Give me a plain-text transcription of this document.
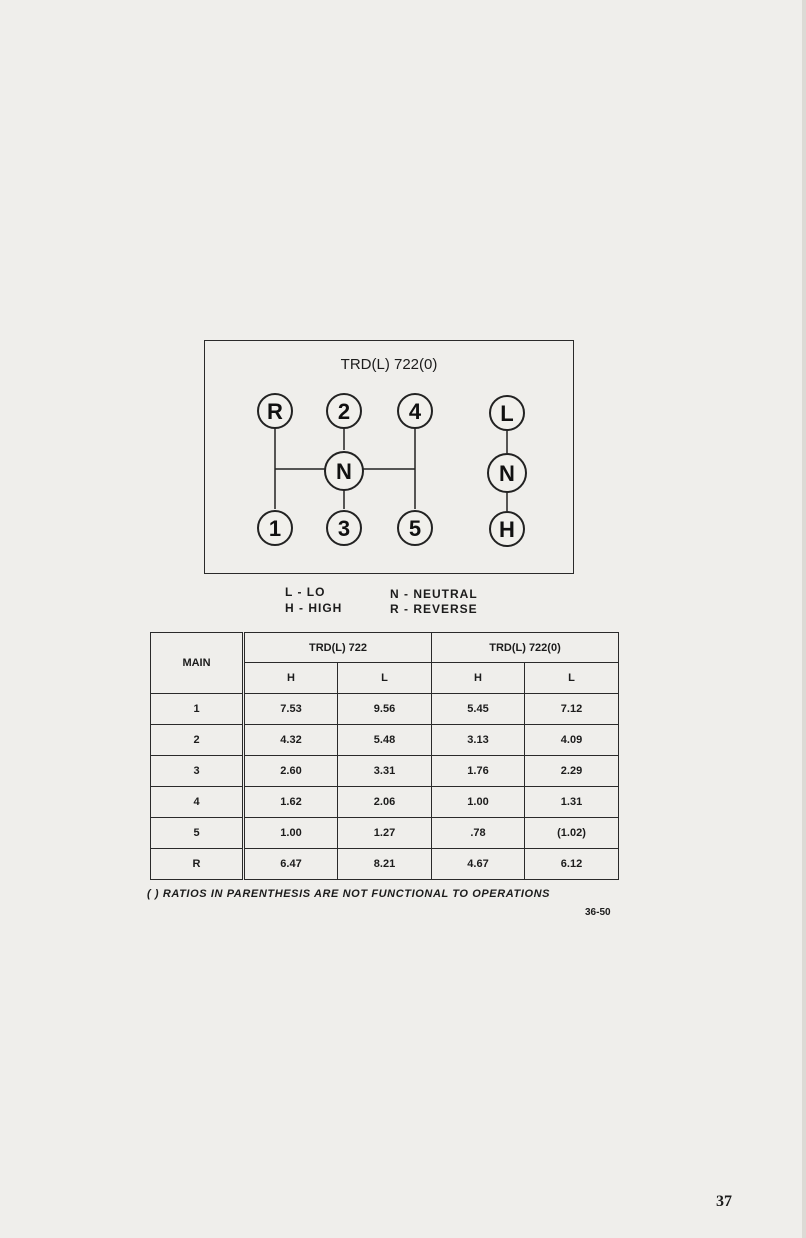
TRD(L) 722(0)
R 2	4	L
N	N
1	3	5	H
L - LO
H - HIGH
N - NEUTRAL
R - REVERSE
MAIN	TRD(L) 722		TRD(L) 722(0)	
	H	L	H	L
1	7.53	9.56	5.45	7.12
2	4.32	5.48	3.13	4.09
3	2.60	3.31	1.76	2.29
4	1.62	2.06	1.00	1.31
5	1.00	1.27	.78	(1.02)
R	6.47	8.21	4.67	6.12
( ) RATIOS IN PARENTHESIS ARE NOT FUNCTIONAL TO OPERATIONS
36-50
37
